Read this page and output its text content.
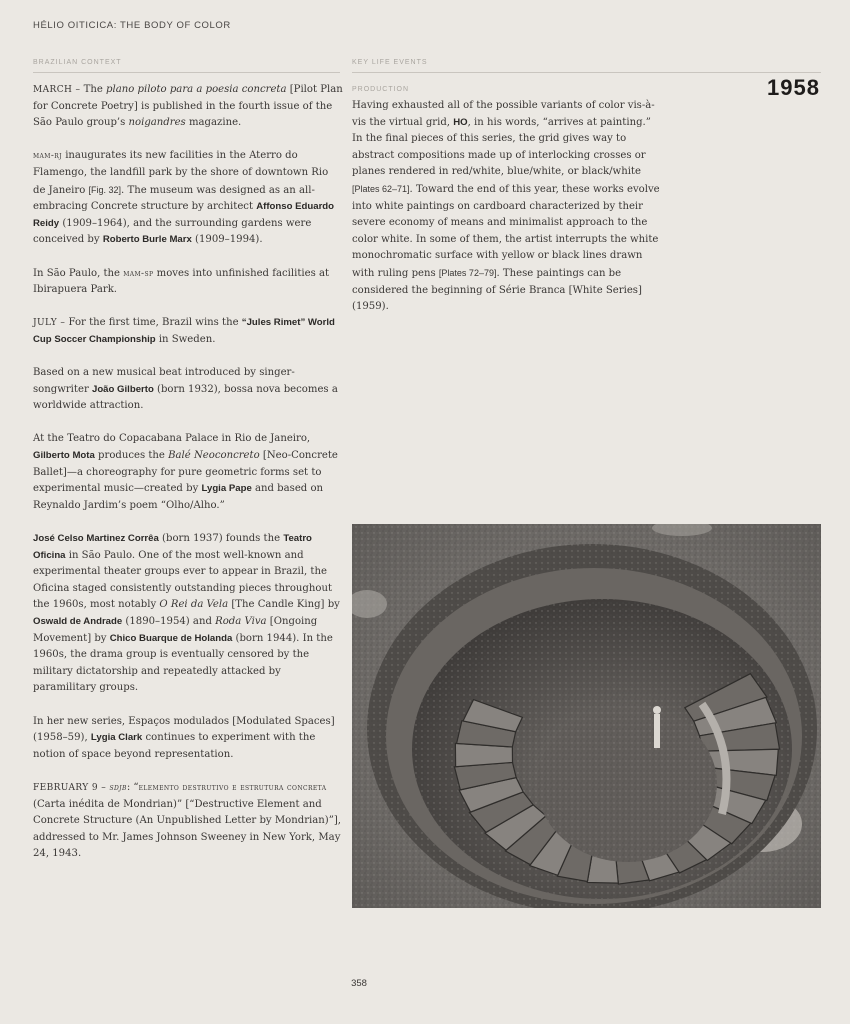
HÉLIO OITICICA: THE BODY OF COLOR
BRAZILIAN CONTEXT	KEY LIFE EVENTS
1958

MARCH – The plano piloto para a poesia concreta [Pilot Plan for Concrete Poetry] is published in the fourth issue of the São Paulo group’s noigandres magazine.

mam-rj inaugurates its new facilities in the Aterro do Flamengo, the landfill park by the shore of downtown Rio de Janeiro [Fig. 32]. The museum was designed as an all-embracing Concrete structure by architect Affonso Eduardo Reidy (1909–1964), and the surrounding gardens were conceived by Roberto Burle Marx (1909–1994).

In São Paulo, the mam-sp moves into unfinished facilities at Ibirapuera Park.

JULY – For the first time, Brazil wins the “Jules Rimet” World Cup Soccer Championship in Sweden.

Based on a new musical beat introduced by singer-songwriter João Gilberto (born 1932), bossa nova becomes a worldwide attraction.

At the Teatro do Copacabana Palace in Rio de Janeiro, Gilberto Mota produces the Balé Neoconcreto [Neo-Concrete Ballet]—a choreography for pure geometric forms set to experimental music—created by Lygia Pape and based on Reynaldo Jardim’s poem “Olho/Alho.”

José Celso Martinez Corrêa (born 1937) founds the Teatro Oficina in São Paulo. One of the most well-known and experimental theater groups ever to appear in Brazil, the Oficina staged consistently outstanding pieces throughout the 1960s, most notably O Rei da Vela [The Candle King] by Oswald de Andrade (1890–1954) and Roda Viva [Ongoing Movement] by Chico Buarque de Holanda (born 1944). In the 1960s, the drama group is eventually censored by the military dictatorship and repeatedly attacked by paramilitary groups.

In her new series, Espaços modulados [Modulated Spaces] (1958–59), Lygia Clark continues to experiment with the notion of space beyond representation.

FEBRUARY 9 – sdjb: “elemento destrutivo e estrutura concreta (Carta inédita de Mondrian)” [“Destructive Element and Concrete Structure (An Unpublished Letter by Mondrian)”], addressed to Mr. James Johnson Sweeney in New York, May 24, 1943.

PRODUCTION

Having exhausted all of the possible variants of color vis-à-vis the virtual grid, HO, in his words, “arrives at painting.” In the final pieces of this series, the grid gives way to abstract compositions made up of interlocking crosses or planes rendered in red/white, blue/white, or black/white [Plates 62–71]. Toward the end of this year, these works evolve into white paintings on cardboard characterized by their severe economy of means and minimalist approach to the color white. In some of them, the artist interrupts the white monochromatic surface with yellow or black lines drawn with ruling pens [Plates 72–79]. These paintings can be considered the beginning of Série Branca [White Series] (1959).

358
